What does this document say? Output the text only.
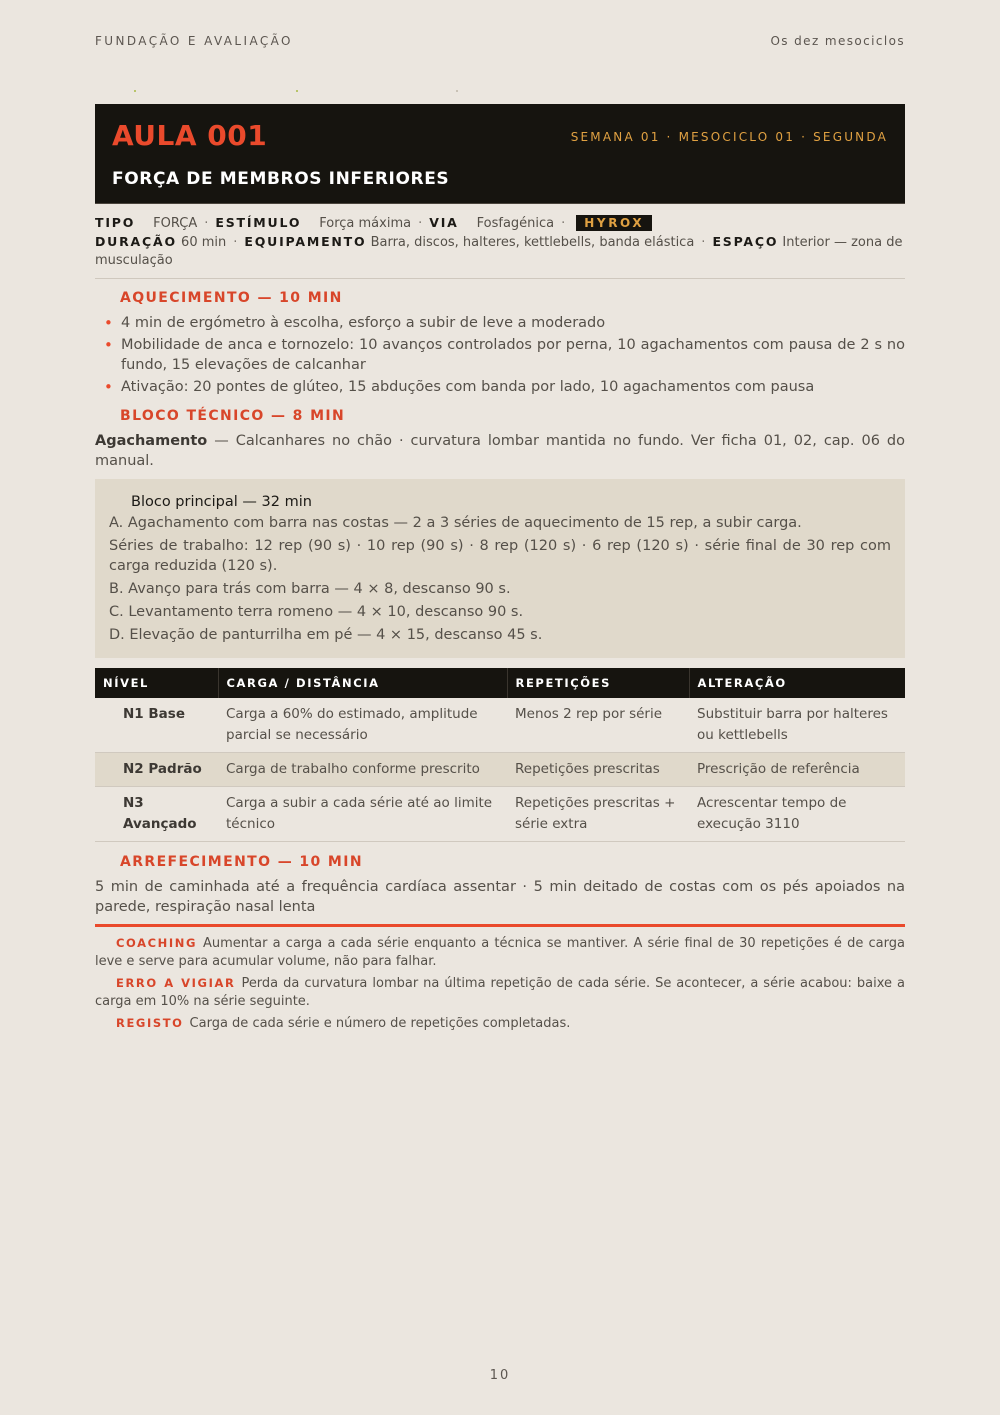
FUNDAÇÃO E AVALIAÇÃO	Os dez mesociclos
AULA 001	SEMANA 01 · MESOCICLO 01 · SEGUNDA
FORÇA DE MEMBROS INFERIORES
TIPO FORÇA · ESTÍMULO Força máxima · VIA Fosfagénica · HYROX
DURAÇÃO 60 min · EQUIPAMENTO Barra, discos, halteres, kettlebells, banda elástica · ESPAÇO Interior — zona de musculação
AQUECIMENTO — 10 MIN
• 4 min de ergómetro à escolha, esforço a subir de leve a moderado
• Mobilidade de anca e tornozelo: 10 avanços controlados por perna, 10 agachamentos com pausa de 2 s no fundo, 15 elevações de calcanhar
• Ativação: 20 pontes de glúteo, 15 abduções com banda por lado, 10 agachamentos com pausa
BLOCO TÉCNICO — 8 MIN
Agachamento — Calcanhares no chão · curvatura lombar mantida no fundo. Ver ficha 01, 02, cap. 06 do manual.
Bloco principal — 32 min
A. Agachamento com barra nas costas — 2 a 3 séries de aquecimento de 15 rep, a subir carga.
Séries de trabalho: 12 rep (90 s) · 10 rep (90 s) · 8 rep (120 s) · 6 rep (120 s) · série final de 30 rep com carga reduzida (120 s).
B. Avanço para trás com barra — 4 × 8, descanso 90 s.
C. Levantamento terra romeno — 4 × 10, descanso 90 s.
D. Elevação de panturrilha em pé — 4 × 15, descanso 45 s.
NÍVEL	CARGA / DISTÂNCIA	REPETIÇÕES	ALTERAÇÃO
N1 Base	Carga a 60% do estimado, amplitude parcial se necessário	Menos 2 rep por série	Substituir barra por halteres ou kettlebells
N2 Padrão	Carga de trabalho conforme prescrito	Repetições prescritas	Prescrição de referência
N3 Avançado	Carga a subir a cada série até ao limite técnico	Repetições prescritas + série extra	Acrescentar tempo de execução 3110
ARREFECIMENTO — 10 MIN
5 min de caminhada até a frequência cardíaca assentar · 5 min deitado de costas com os pés apoiados na parede, respiração nasal lenta

COACHING Aumentar a carga a cada série enquanto a técnica se mantiver. A série final de 30 repetições é de carga leve e serve para acumular volume, não para falhar.

ERRO A VIGIAR Perda da curvatura lombar na última repetição de cada série. Se acontecer, a série acabou: baixe a carga em 10% na série seguinte.

REGISTO Carga de cada série e número de repetições completadas.

10
